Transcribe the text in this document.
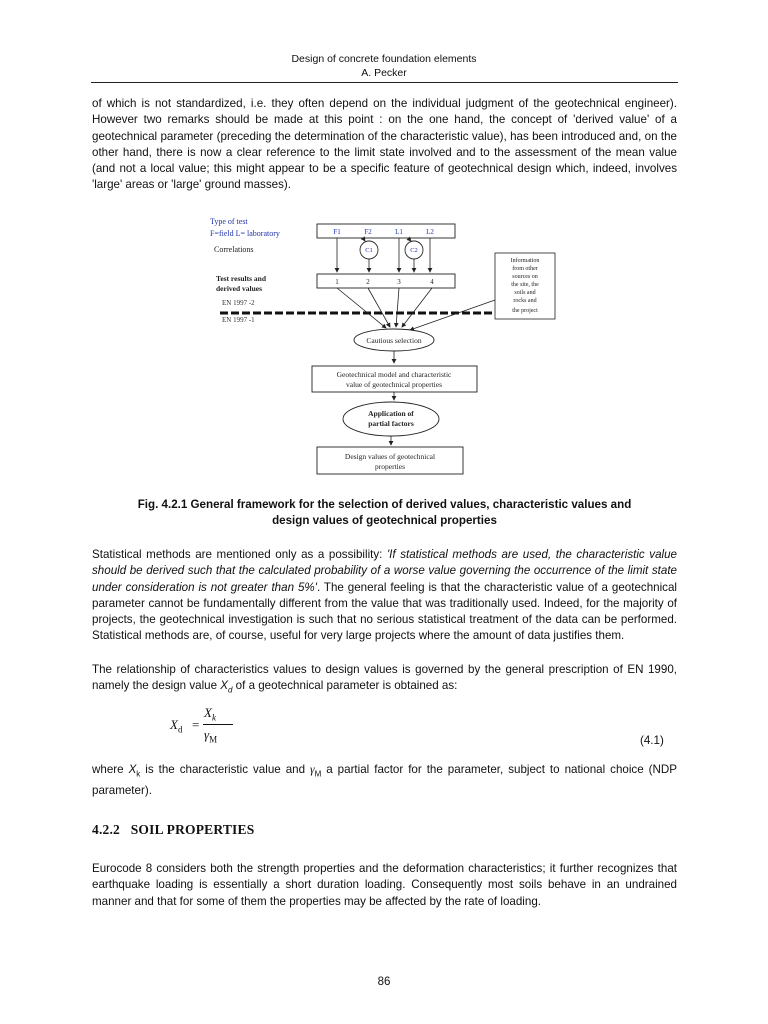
Design of concrete foundation elements
A. Pecker
of which is not standardized, i.e. they often depend on the individual judgment of the geotechnical engineer). However two remarks should be made at this point : on the one hand, the concept of 'derived value' of a geotechnical parameter (preceding the determination of the characteristic value), has been introduced and, on the other hand, there is now a clear reference to the limit state involved and to the assessment of the mean value (and not a local value; this might appear to be a specific feature of geotechnical design which, indeed, involves 'large' areas or 'large' ground masses).
Type of test
F=field L= laboratory
Correlations
Test results and
derived values
EN 1997 -2
EN 1997 -1
F1	F2	L1	L2
C1	C2
1	2	3	4
Information
from other
sources on
the site, the
soils and
rocks and
the project
Cautious selection
Geotechnical model and characteristic
value of geotechnical properties
Application of
partial factors
Design values of geotechnical
properties
Fig. 4.2.1 General framework for the selection of derived values, characteristic values and
design values of geotechnical properties
Statistical methods are mentioned only as a possibility: 'If statistical methods are used, the characteristic value should be derived such that the calculated probability of a worse value governing the occurrence of the limit state under consideration is not greater than 5%'. The general feeling is that the characteristic value of a geotechnical parameter cannot be fundamentally different from the value that was traditionally used. Indeed, for the majority of projects, the geotechnical investigation is such that no serious statistical treatment of the data can be performed. Statistical methods are, of course, useful for very large projects where the amount of data justifies them.
The relationship of characteristics values to design values is governed by the general prescription of EN 1990, namely the design value $X_d$ of a geotechnical parameter is obtained as:
$X_d$ =
$X_k$
$\gamma_M$	(4.1)
where $X_k$ is the characteristic value and $\gamma_M$ a partial factor for the parameter, subject to national choice (NDP parameter).
4.2.2   SOIL PROPERTIES
Eurocode 8 considers both the strength properties and the deformation characteristics; it further recognizes that earthquake loading is essentially a short duration loading. Consequently most soils behave in an undrained manner and that for some of them the properties may be affected by the rate of loading.
86
